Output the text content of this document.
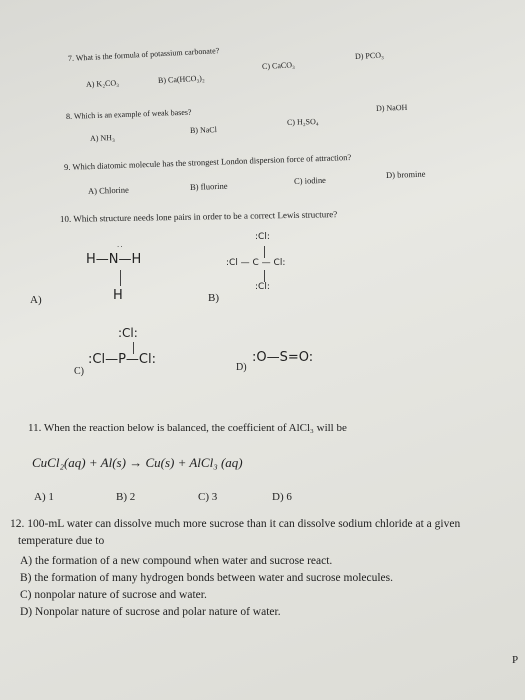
7. What is the formula of potassium carbonate?
A) K₂CO₃	B) Ca(HCO₃)₂
C) CaCO₃
D) PCO₃
8. Which is an example of weak bases?
A) NH₃
B) NaCl
C) H₂SO₄
D) NaOH
9. Which diatomic molecule has the strongest London dispersion force of attraction?
A) Chlorine	B) fluorine
C) iodine
D) bromine
10. Which structure needs lone pairs in order to be a correct Lewis structure?
H—N—H
··
H
A)
:Cl:
:Cl — C — Cl:
:Cl:
B)
:Cl:
:Cl—P—Cl:
C)	D)
:O—S=O:
11. When the reaction below is balanced, the coefficient of AlCl₃ will be
CuCl₂(aq) + Al(s) → Cu(s) + AlCl₃ (aq)
A) 1	B) 2	C) 3	D) 6
12. 100-mL water can dissolve much more sucrose than it can dissolve sodium chloride at a given
temperature due to
A) the formation of a new compound when water and sucrose react.
B) the formation of many hydrogen bonds between water and sucrose molecules.
C) nonpolar nature of sucrose and water.
D) Nonpolar nature of sucrose and polar nature of water.
P
